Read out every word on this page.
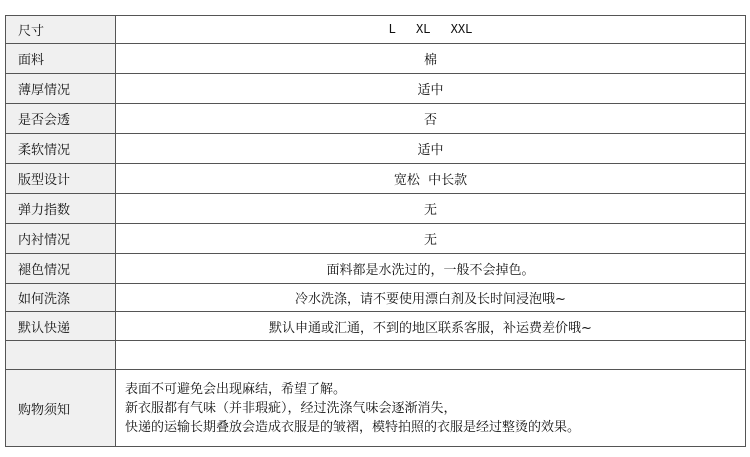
尺寸	L XL XXL
面料	棉
薄厚情况	适中
是否会透	否
柔软情况	适中
版型设计	宽松  中长款
弹力指数	无
内衬情况	无
褪色情况	面料都是水洗过的，一般不会掉色。
如何洗涤	冷水洗涤，请不要使用漂白剂及长时间浸泡哦~
默认快递	默认申通或汇通，不到的地区联系客服，补运费差价哦~

购物须知	表面不可避免会出现麻结，希望了解。
新衣服都有气味（并非瑕疵），经过洗涤气味会逐渐消失，
快递的运输长期叠放会造成衣服是的皱褶，模特拍照的衣服是经过整烫的效果。
